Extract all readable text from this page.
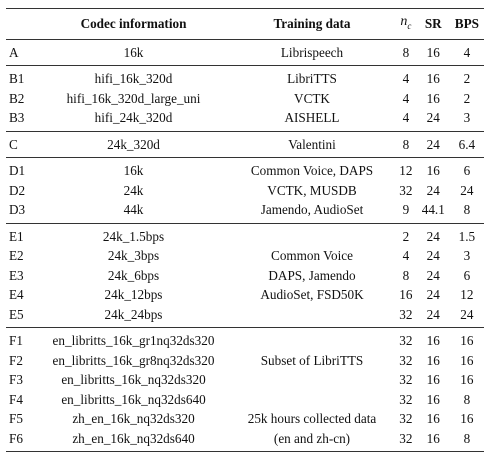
	Codec information	Training data	$n_c$	SR	BPS
A	16k	Librispeech	8	16	4
B1	hifi_16k_320d	LibriTTS	4	16	2
B2	hifi_16k_320d_large_uni	VCTK	4	16	2
B3	hifi_24k_320d	AISHELL	4	24	3
C	24k_320d	Valentini	8	24	6.4
D1	16k	Common Voice, DAPS	12	16	6
D2	24k	VCTK, MUSDB	32	24	24
D3	44k	Jamendo, AudioSet	9	44.1	8
E1	24k_1.5bps		2	24	1.5
E2	24k_3bps	Common Voice	4	24	3
E3	24k_6bps	DAPS, Jamendo	8	24	6
E4	24k_12bps	AudioSet, FSD50K	16	24	12
E5	24k_24bps		32	24	24
F1	en_libritts_16k_gr1nq32ds320		32	16	16
F2	en_libritts_16k_gr8nq32ds320	Subset of LibriTTS	32	16	16
F3	en_libritts_16k_nq32ds320		32	16	16
F4	en_libritts_16k_nq32ds640		32	16	8
F5	zh_en_16k_nq32ds320	25k hours collected data	32	16	16
F6	zh_en_16k_nq32ds640	(en and zh-cn)	32	16	8
